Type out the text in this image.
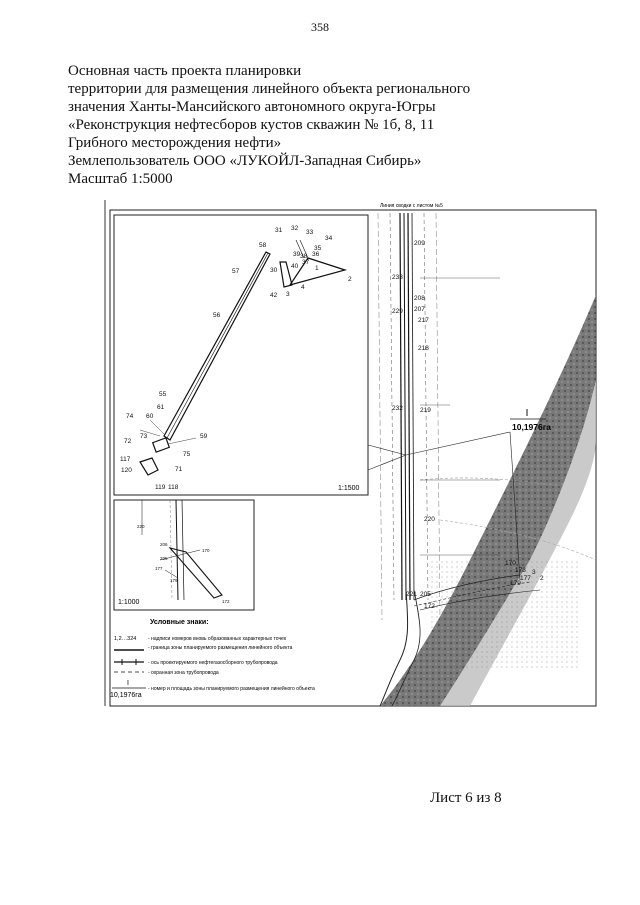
358
Основная часть проекта планировки
территории для размещения линейного объекта регионального
значения Ханты-Мансийского автономного округа-Югры
«Реконструкция нефтесборов кустов скважин № 1б, 8, 11
Грибного месторождения нефти»
Землепользователь ООО «ЛУКОЙЛ-Западная Сибирь»
Масштаб 1:5000
Линия сводки с листом №5
209
233
208
207
229
217
218
232	219
220
221 205
172
170
173
179
177
3
2
I
10,1976га
31 32
33
34
35
36
39 38
37
40	1
2
3
4
30
42
58
57
56
55
61
60
74
73
72
59
75
117
120	71
119 118	1:1500
220
206
205
172
170
179
177
1:1000
Условные знаки:
1,2…324 - надписи номеров вновь образованных характерных точек
- граница зоны планируемого размещения линейного объекта
- ось проектируемого нефтегазосборного трубопровода
- охранная зона трубопровода
I
10,1976га
- номер и площадь зоны планируемого размещения линейного объекта
Лист 6 из 8
